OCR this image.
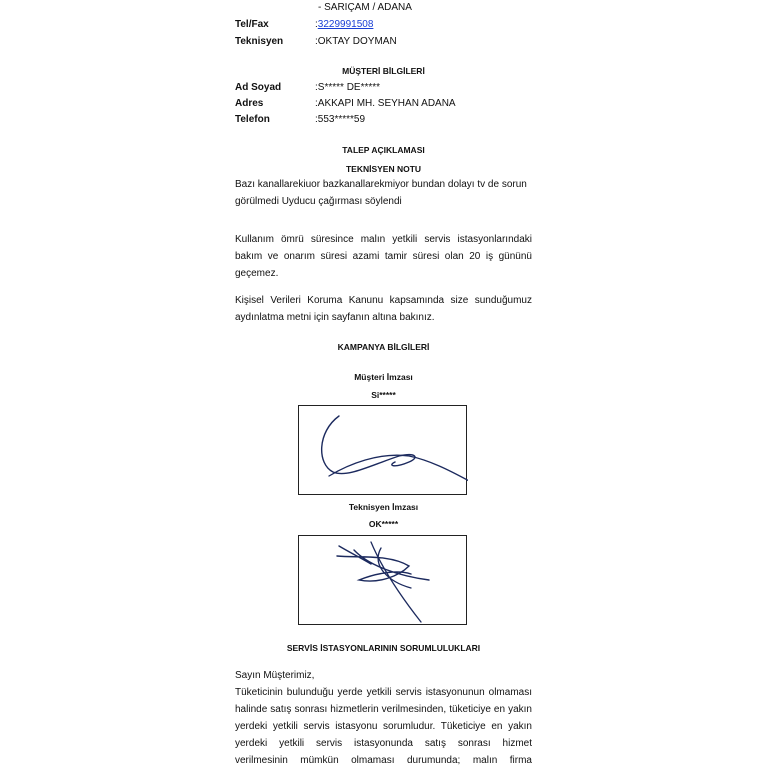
- SARIÇAM / ADANA
Tel/Fax	:3229991508
Teknisyen	:OKTAY DOYMAN
MÜŞTERİ BİLGİLERİ
Ad Soyad	:S***** DE*****
Adres	:AKKAPI MH. SEYHAN ADANA
Telefon	:553*****59
TALEP AÇIKLAMASI
TEKNİSYEN NOTU
Bazı kanallarekiuor bazkanallarekmiyor bundan dolayı tv de sorun
görülmedi Uyducu çağırması söylendi
Kullanım ömrü süresince malın yetkili servis istasyonlarındaki
bakım ve onarım süresi azami tamir süresi olan 20 iş gününü
geçemez.
Kişisel Verileri Koruma Kanunu kapsamında size sunduğumuz
aydınlatma metni için sayfanın altına bakınız.
KAMPANYA BİLGİLERİ
Müşteri İmzası
Si*****
Teknisyen İmzası
OK*****
SERVİS İSTASYONLARININ SORUMLULUKLARI
Sayın Müşterimiz,
Tüketicinin bulunduğu yerde yetkili servis istasyonunun olmaması
halinde satış sonrası hizmetlerin verilmesinden, tüketiciye en yakın
yerdeki yetkili servis istasyonu sorumludur. Tüketiciye en yakın
yerdeki yetkili servis istasyonunda satış sonrası hizmet
verilmesinin mümkün olmaması durumunda; malın firma
